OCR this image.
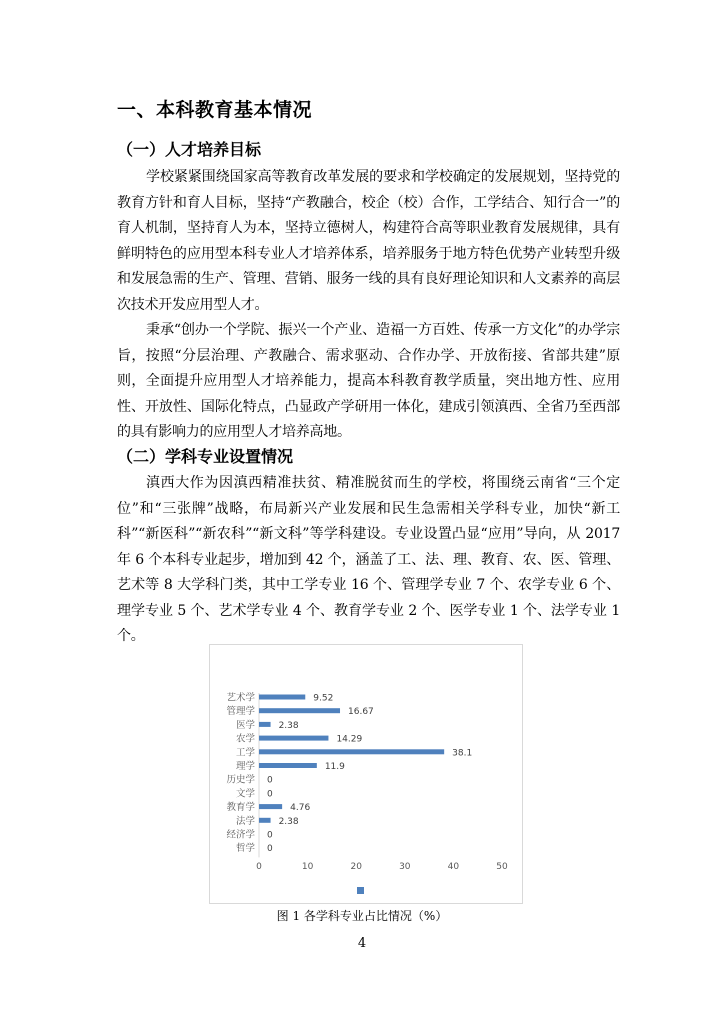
一、本科教育基本情况
（一）人才培养目标
学校紧紧围绕国家高等教育改革发展的要求和学校确定的发展规划，坚持党的教育方针和育人目标，坚持“产教融合，校企（校）合作，工学结合、知行合一”的育人机制，坚持育人为本，坚持立德树人，构建符合高等职业教育发展规律，具有鲜明特色的应用型本科专业人才培养体系，培养服务于地方特色优势产业转型升级和发展急需的生产、管理、营销、服务一线的具有良好理论知识和人文素养的高层次技术开发应用型人才。
秉承“创办一个学院、振兴一个产业、造福一方百姓、传承一方文化”的办学宗旨，按照“分层治理、产教融合、需求驱动、合作办学、开放衔接、省部共建”原则，全面提升应用型人才培养能力，提高本科教育教学质量，突出地方性、应用性、开放性、国际化特点，凸显政产学研用一体化，建成引领滇西、全省乃至西部的具有影响力的应用型人才培养高地。
（二）学科专业设置情况
滇西大作为因滇西精准扶贫、精准脱贫而生的学校，将围绕云南省“三个定位”和“三张牌”战略，布局新兴产业发展和民生急需相关学科专业，加快“新工科”“新医科”“新农科”“新文科”等学科建设。专业设置凸显“应用”导向，从 2017 年 6 个本科专业起步，增加到 42 个，涵盖了工、法、理、教育、农、医、管理、艺术等 8 大学科门类，其中工学专业 16 个、管理学专业 7 个、农学专业 6 个、理学专业 5 个、艺术学专业 4 个、教育学专业 2 个、医学专业 1 个、法学专业 1 个。
艺术学	9.52
管理学	16.67
医学	2.38
农学	14.29
工学	38.1
理学	11.9
历史学 0
文学 0
教育学	4.76
法学	2.38
经济学 0
哲学 0
0	10	20	30	40	50
图 1 各学科专业占比情况（%）
4
